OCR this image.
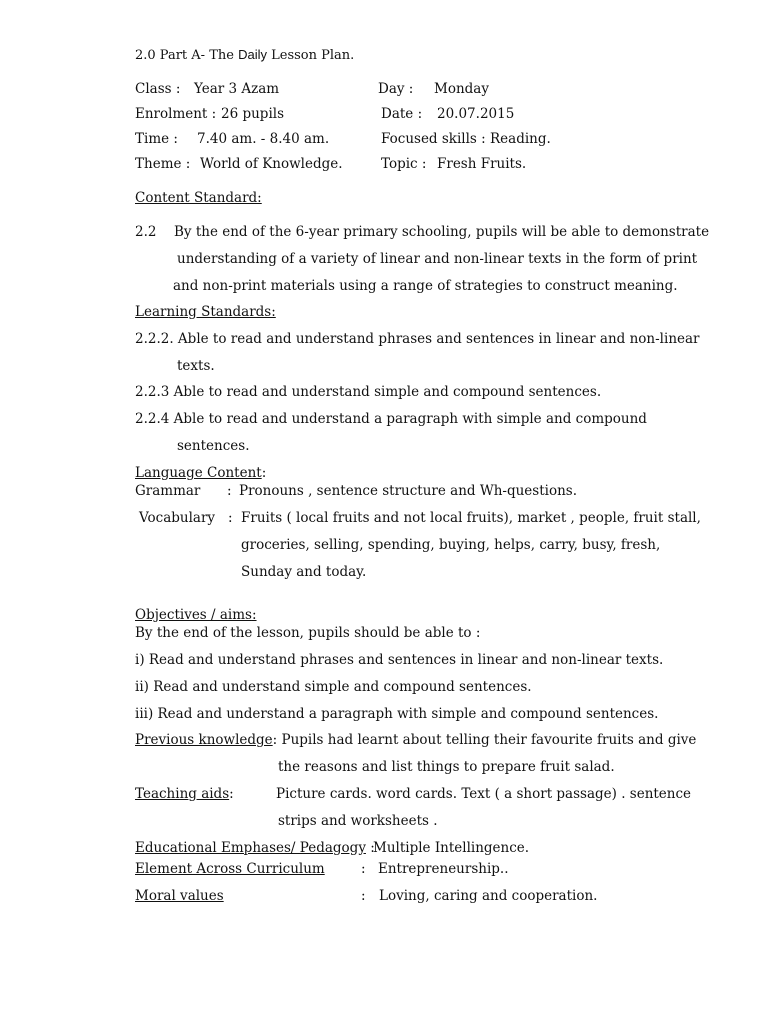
2.0 Part A- The Daily Lesson Plan.
Class : Year 3 Azam	Day : Monday
Enrolment : 26 pupils	Date : 20.07.2015
Time : 7.40 am. - 8.40 am.	Focused skills : Reading.
Theme : World of Knowledge.	Topic : Fresh Fruits.
Content Standard:
2.2 By the end of the 6-year primary schooling, pupils will be able to demonstrate
understanding of a variety of linear and non-linear texts in the form of print
and non-print materials using a range of strategies to construct meaning.
Learning Standards:
2.2.2. Able to read and understand phrases and sentences in linear and non-linear
texts.
2.2.3 Able to read and understand simple and compound sentences.
2.2.4 Able to read and understand a paragraph with simple and compound
sentences.
Language Content:
Grammar : Pronouns , sentence structure and Wh-questions.
Vocabulary : Fruits ( local fruits and not local fruits), market , people, fruit stall,
groceries, selling, spending, buying, helps, carry, busy, fresh,
Sunday and today.
Objectives / aims:
By the end of the lesson, pupils should be able to :
i) Read and understand phrases and sentences in linear and non-linear texts.
ii) Read and understand simple and compound sentences.
iii) Read and understand a paragraph with simple and compound sentences.
Previous knowledge: Pupils had learnt about telling their favourite fruits and give
the reasons and list things to prepare fruit salad.
Teaching aids:	Picture cards. word cards. Text ( a short passage) . sentence
strips and worksheets .
Educational Emphases/ Pedagogy :
Multiple Intellingence.
Element Across Curriculum	: Entrepreneurship..
Moral values	: Loving, caring and cooperation.
